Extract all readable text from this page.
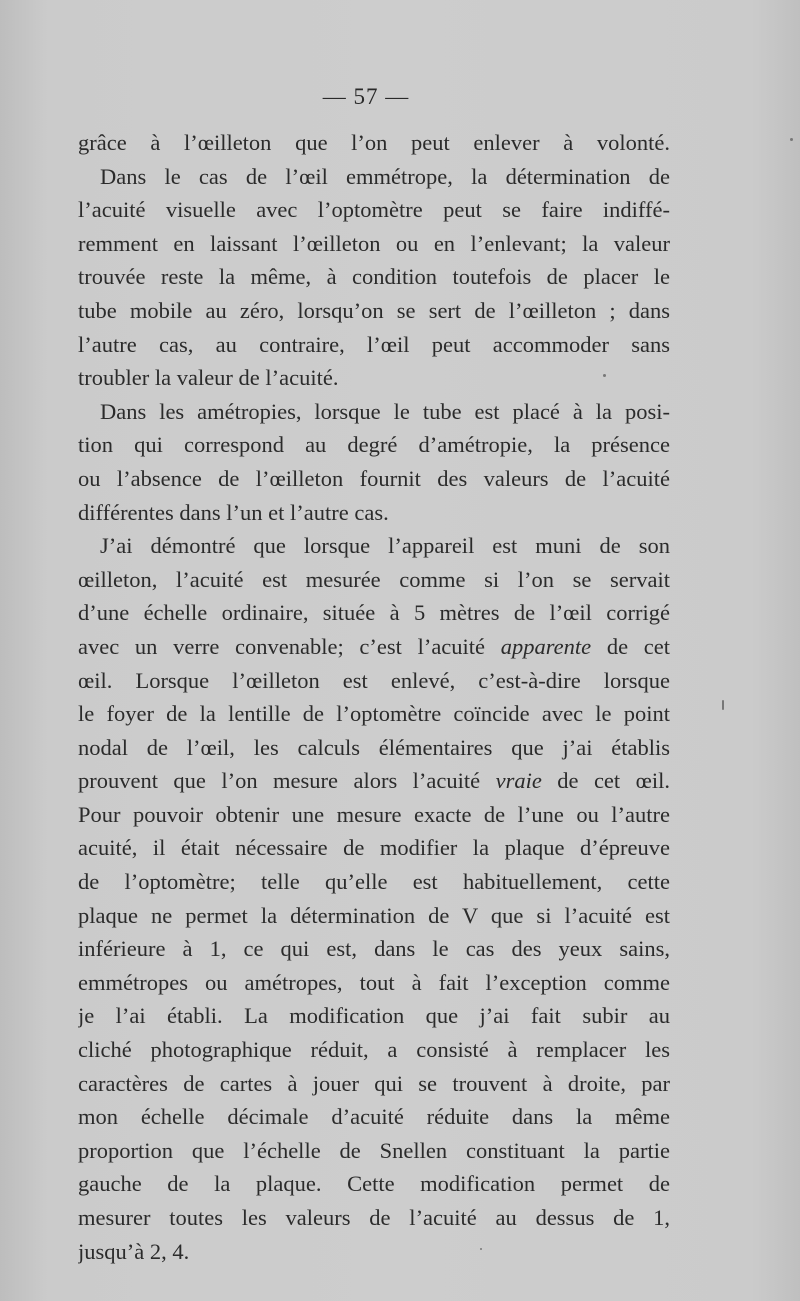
— 57 —
grâce à l’œilleton que l’on peut enlever à volonté.
Dans le cas de l’œil emmétrope, la détermination de
l’acuité visuelle avec l’optomètre peut se faire indiffé-
remment en laissant l’œilleton ou en l’enlevant; la valeur
trouvée reste la même, à condition toutefois de placer le
tube mobile au zéro, lorsqu’on se sert de l’œilleton ; dans
l’autre cas, au contraire, l’œil peut accommoder sans
troubler la valeur de l’acuité.
Dans les amétropies, lorsque le tube est placé à la posi-
tion qui correspond au degré d’amétropie, la présence
ou l’absence de l’œilleton fournit des valeurs de l’acuité
différentes dans l’un et l’autre cas.
J’ai démontré que lorsque l’appareil est muni de son
œilleton, l’acuité est mesurée comme si l’on se servait
d’une échelle ordinaire, située à 5 mètres de l’œil corrigé
avec un verre convenable; c’est l’acuité apparente de cet
œil. Lorsque l’œilleton est enlevé, c’est-à-dire lorsque
le foyer de la lentille de l’optomètre coïncide avec le point
nodal de l’œil, les calculs élémentaires que j’ai établis
prouvent que l’on mesure alors l’acuité vraie de cet œil.
Pour pouvoir obtenir une mesure exacte de l’une ou l’autre
acuité, il était nécessaire de modifier la plaque d’épreuve
de l’optomètre; telle qu’elle est habituellement, cette
plaque ne permet la détermination de V que si l’acuité est
inférieure à 1, ce qui est, dans le cas des yeux sains,
emmétropes ou amétropes, tout à fait l’exception comme
je l’ai établi. La modification que j’ai fait subir au
cliché photographique réduit, a consisté à remplacer les
caractères de cartes à jouer qui se trouvent à droite, par
mon échelle décimale d’acuité réduite dans la même
proportion que l’échelle de Snellen constituant la partie
gauche de la plaque. Cette modification permet de
mesurer toutes les valeurs de l’acuité au dessus de 1,
jusqu’à 2, 4.
